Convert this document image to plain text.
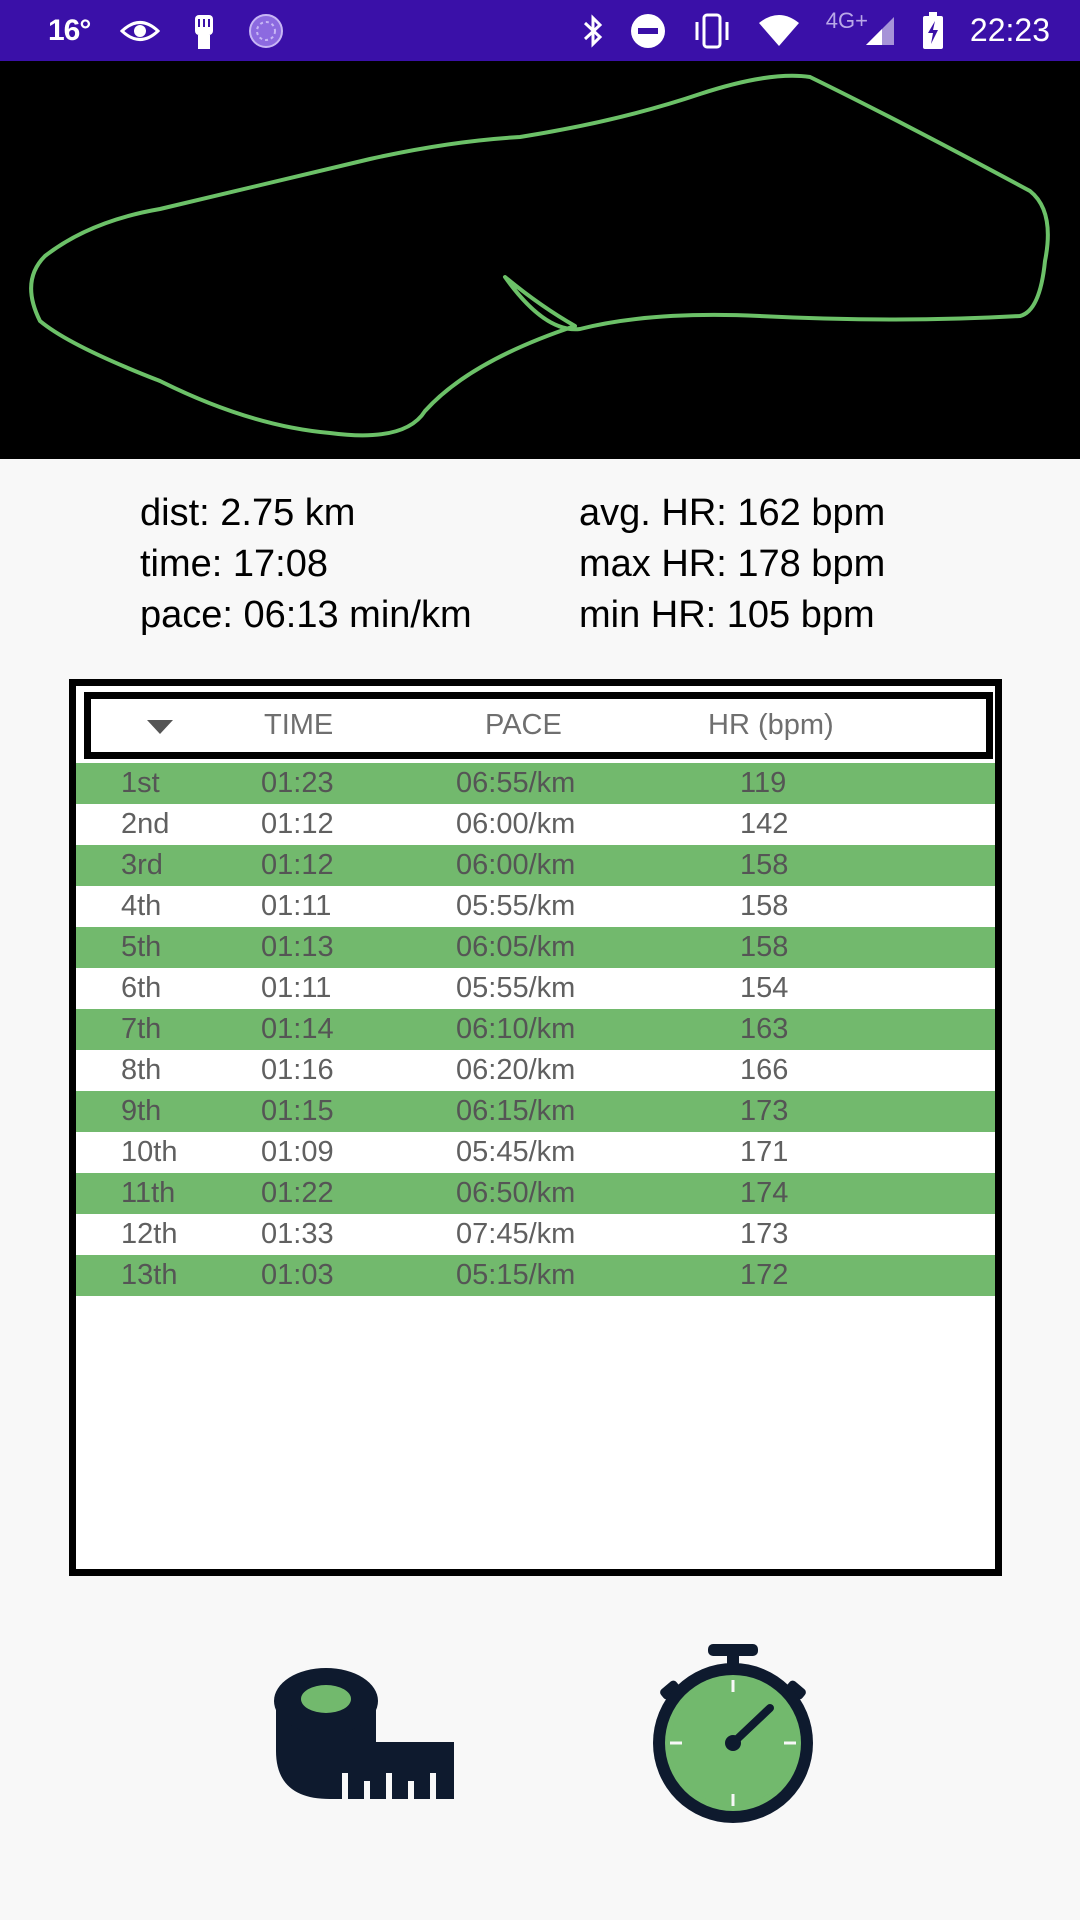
16°	4G+	22:23
dist: 2.75 km
time: 17:08
pace: 06:13 min/km
avg. HR: 162 bpm
max HR: 178 bpm
min HR: 105 bpm
TIME	PACE	HR (bpm)
1st	01:23	06:55/km	119
2nd	01:12	06:00/km	142
3rd	01:12	06:00/km	158
4th	01:11	05:55/km	158
5th	01:13	06:05/km	158
6th	01:11	05:55/km	154
7th	01:14	06:10/km	163
8th	01:16	06:20/km	166
9th	01:15	06:15/km	173
10th	01:09	05:45/km	171
11th	01:22	06:50/km	174
12th	01:33	07:45/km	173
13th	01:03	05:15/km	172
